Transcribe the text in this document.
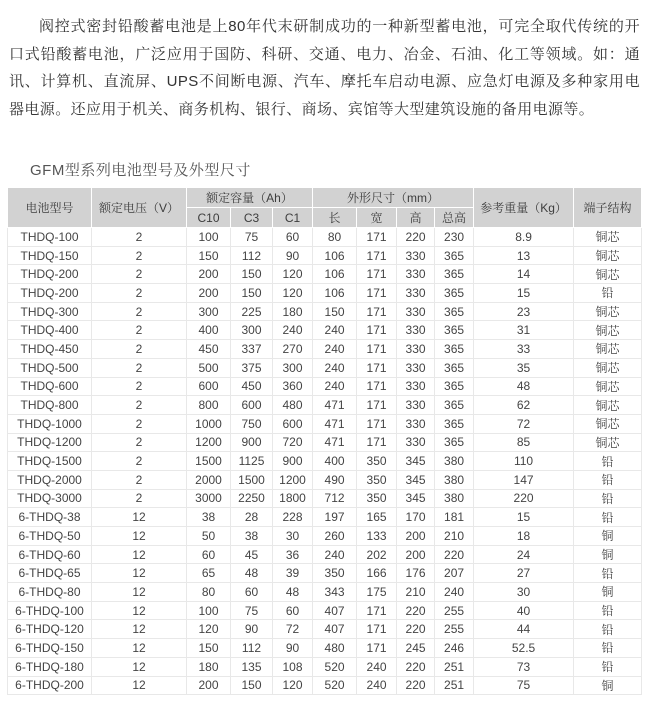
阀控式密封铅酸蓄电池是上80年代末研制成功的一种新型蓄电池，可完全取代传统的开口式铅酸蓄电池，广泛应用于国防、科研、交通、电力、冶金、石油、化工等领域。如：通讯、计算机、直流屏、UPS不间断电源、汽车、摩托车启动电源、应急灯电源及多种家用电器电源。还应用于机关、商务机构、银行、商场、宾馆等大型建筑设施的备用电源等。

GFM型系列电池型号及外型尺寸
电池型号	额定电压（V）	额定容量（Ah）			外形尺寸（mm）				参考重量（Kg）	端子结构
		C10	C3	C1	长	宽	高	总高		
THDQ-100	2	100	75	60	80	171	220	230	8.9	铜芯
THDQ-150	2	150	112	90	106	171	330	365	13	铜芯
THDQ-200	2	200	150	120	106	171	330	365	14	铜芯
THDQ-200	2	200	150	120	106	171	330	365	15	铅
THDQ-300	2	300	225	180	150	171	330	365	23	铜芯
THDQ-400	2	400	300	240	240	171	330	365	31	铜芯
THDQ-450	2	450	337	270	240	171	330	365	33	铜芯
THDQ-500	2	500	375	300	240	171	330	365	35	铜芯
THDQ-600	2	600	450	360	240	171	330	365	48	铜芯
THDQ-800	2	800	600	480	471	171	330	365	62	铜芯
THDQ-1000	2	1000	750	600	471	171	330	365	72	铜芯
THDQ-1200	2	1200	900	720	471	171	330	365	85	铜芯
THDQ-1500	2	1500	1125	900	400	350	345	380	110	铅
THDQ-2000	2	2000	1500	1200	490	350	345	380	147	铅
THDQ-3000	2	3000	2250	1800	712	350	345	380	220	铅
6-THDQ-38	12	38	28	228	197	165	170	181	15	铅
6-THDQ-50	12	50	38	30	260	133	200	210	18	铜
6-THDQ-60	12	60	45	36	240	202	200	220	24	铜
6-THDQ-65	12	65	48	39	350	166	176	207	27	铅
6-THDQ-80	12	80	60	48	343	175	210	240	30	铜
6-THDQ-100	12	100	75	60	407	171	220	255	40	铅
6-THDQ-120	12	120	90	72	407	171	220	255	44	铅
6-THDQ-150	12	150	112	90	480	171	245	246	52.5	铅
6-THDQ-180	12	180	135	108	520	240	220	251	73	铅
6-THDQ-200	12	200	150	120	520	240	220	251	75	铜
